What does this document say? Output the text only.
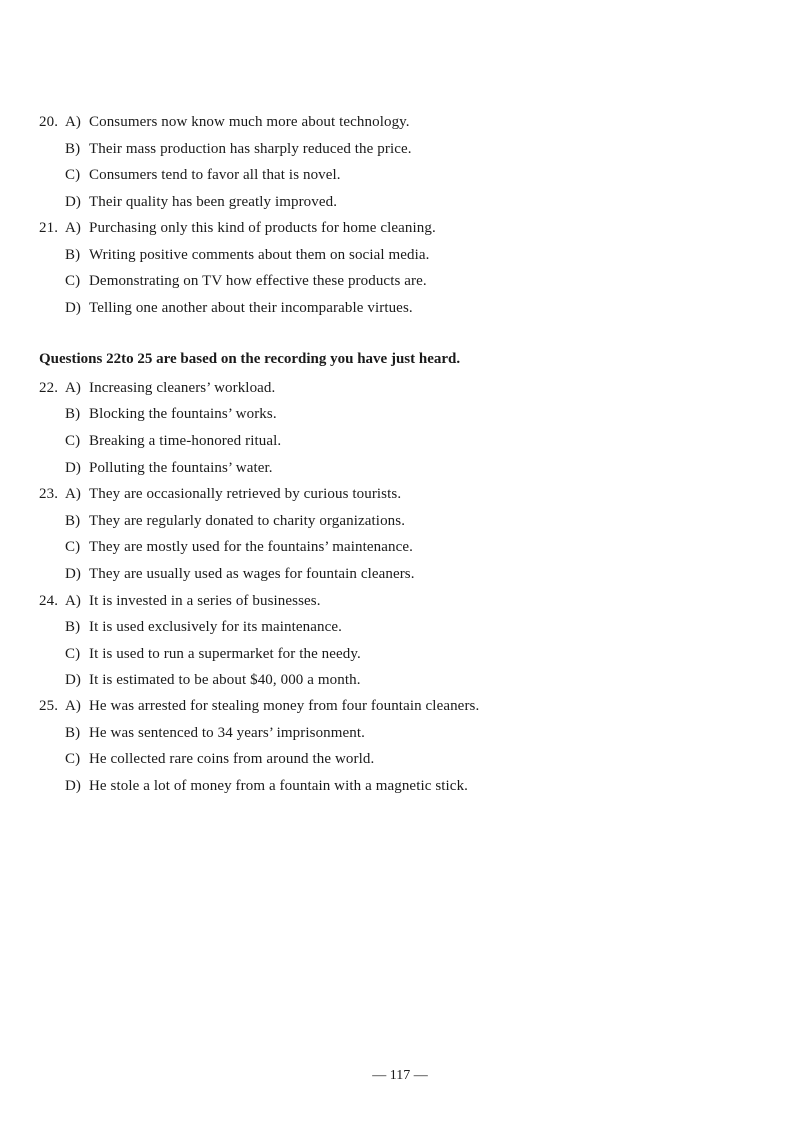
20. A) Consumers now know much more about technology.
B) Their mass production has sharply reduced the price.
C) Consumers tend to favor all that is novel.
D) Their quality has been greatly improved.
21. A) Purchasing only this kind of products for home cleaning.
B) Writing positive comments about them on social media.
C) Demonstrating on TV how effective these products are.
D) Telling one another about their incomparable virtues.
Questions 22to 25 are based on the recording you have just heard.
22. A) Increasing cleaners’ workload.
B) Blocking the fountains’ works.
C) Breaking a time-honored ritual.
D) Polluting the fountains’ water.
23. A) They are occasionally retrieved by curious tourists.
B) They are regularly donated to charity organizations.
C) They are mostly used for the fountains’ maintenance.
D) They are usually used as wages for fountain cleaners.
24. A) It is invested in a series of businesses.
B) It is used exclusively for its maintenance.
C) It is used to run a supermarket for the needy.
D) It is estimated to be about $40, 000 a month.
25. A) He was arrested for stealing money from four fountain cleaners.
B) He was sentenced to 34 years’ imprisonment.
C) He collected rare coins from around the world.
D) He stole a lot of money from a fountain with a magnetic stick.
— 117 —
